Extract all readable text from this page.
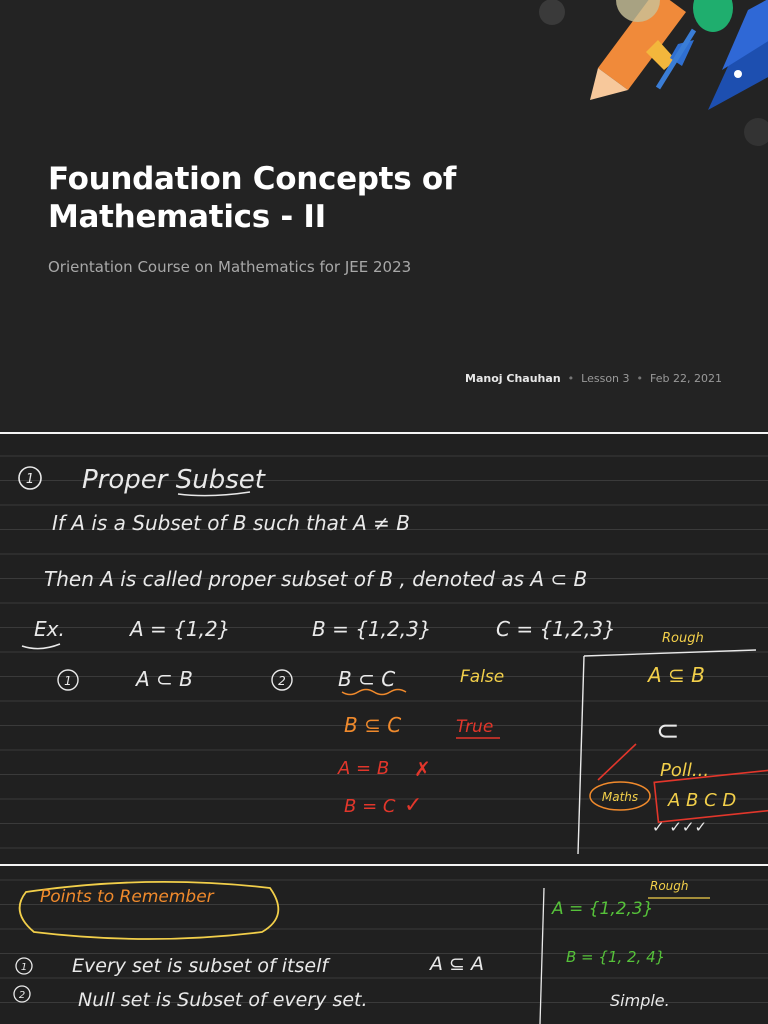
Foundation Concepts of
Mathematics - II
Orientation Course on Mathematics for JEE 2023
Manoj Chauhan • Lesson 3 • Feb 22, 2021
1 Proper Subset
If A is a Subset of B such that A ≠ B
Then A is called proper subset of B , denoted as A ⊂ B
Ex.	A = {1,2}	B = {1,2,3}	C = {1,2,3}
1	A ⊂ B	2	B ⊂ C	False
B ⊆ C	True
A = B ✗
B = C ✓
Rough
A ⊆ B
⊂
Poll...
Maths A B C D
✓ ✓✓✓
Points to Remember
1 Every set is subset of itself	A ⊆ A
2	Null set is Subset of every set.
Rough
A = {1,2,3}
B = {1, 2, 4}
Simple.
